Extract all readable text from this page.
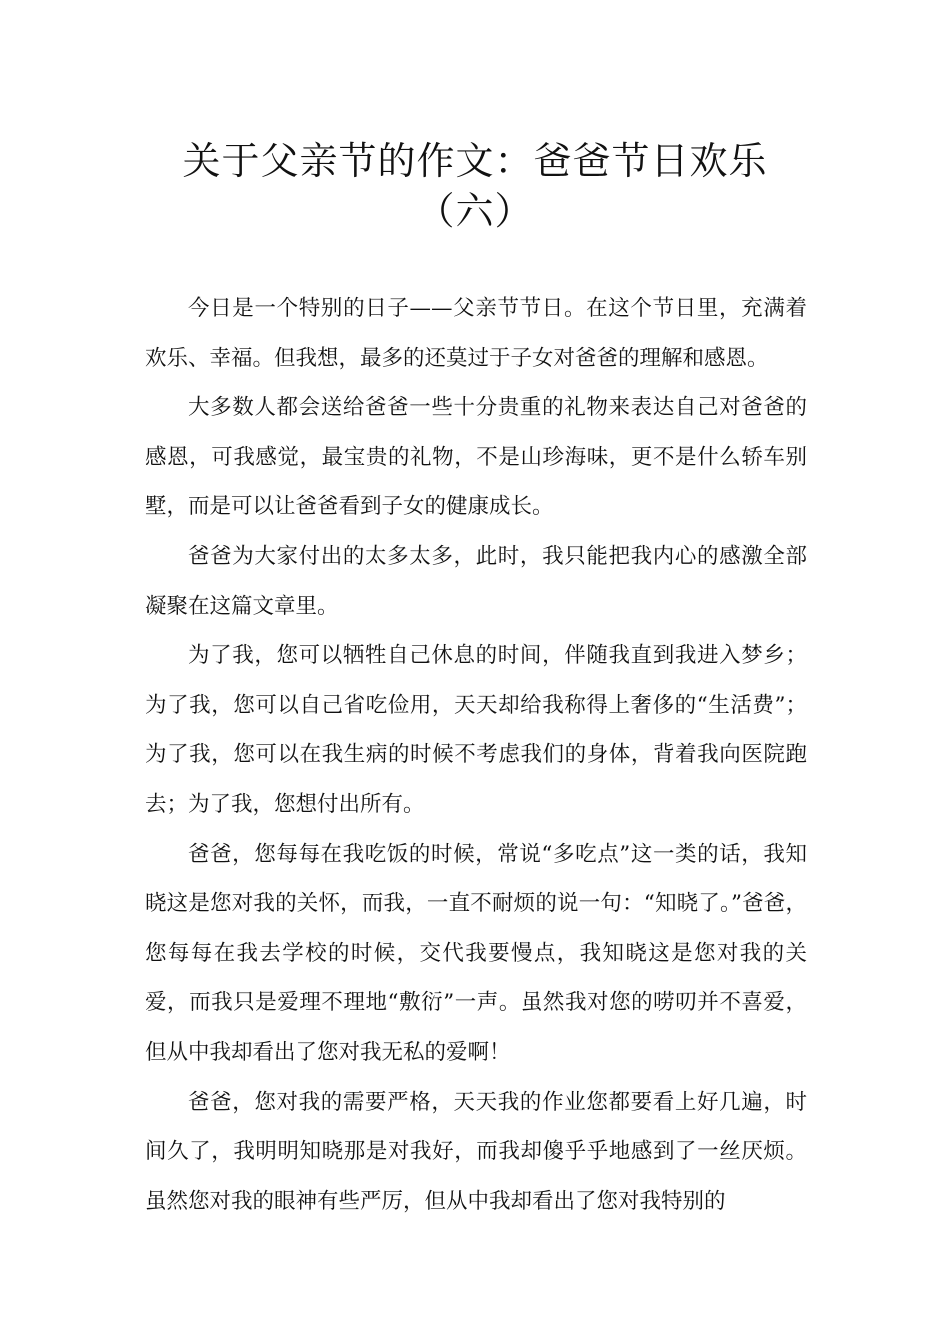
关于父亲节的作文：爸爸节日欢乐
（六）

今日是一个特别的日子——父亲节节日。在这个节日里，充满着欢乐、幸福。但我想，最多的还莫过于子女对爸爸的理解和感恩。

大多数人都会送给爸爸一些十分贵重的礼物来表达自己对爸爸的感恩，可我感觉，最宝贵的礼物，不是山珍海味，更不是什么轿车别墅，而是可以让爸爸看到子女的健康成长。

爸爸为大家付出的太多太多，此时，我只能把我内心的感激全部凝聚在这篇文章里。

为了我，您可以牺牲自己休息的时间，伴随我直到我进入梦乡；为了我，您可以自己省吃俭用，天天却给我称得上奢侈的“生活费”；为了我，您可以在我生病的时候不考虑我们的身体，背着我向医院跑去；为了我，您想付出所有。

爸爸，您每每在我吃饭的时候，常说“多吃点”这一类的话，我知晓这是您对我的关怀，而我，一直不耐烦的说一句：“知晓了。”爸爸，您每每在我去学校的时候，交代我要慢点，我知晓这是您对我的关爱，而我只是爱理不理地“敷衍”一声。虽然我对您的唠叨并不喜爱，但从中我却看出了您对我无私的爱啊！

爸爸，您对我的需要严格，天天我的作业您都要看上好几遍，时间久了，我明明知晓那是对我好，而我却傻乎乎地感到了一丝厌烦。虽然您对我的眼神有些严厉，但从中我却看出了您对我特别的
